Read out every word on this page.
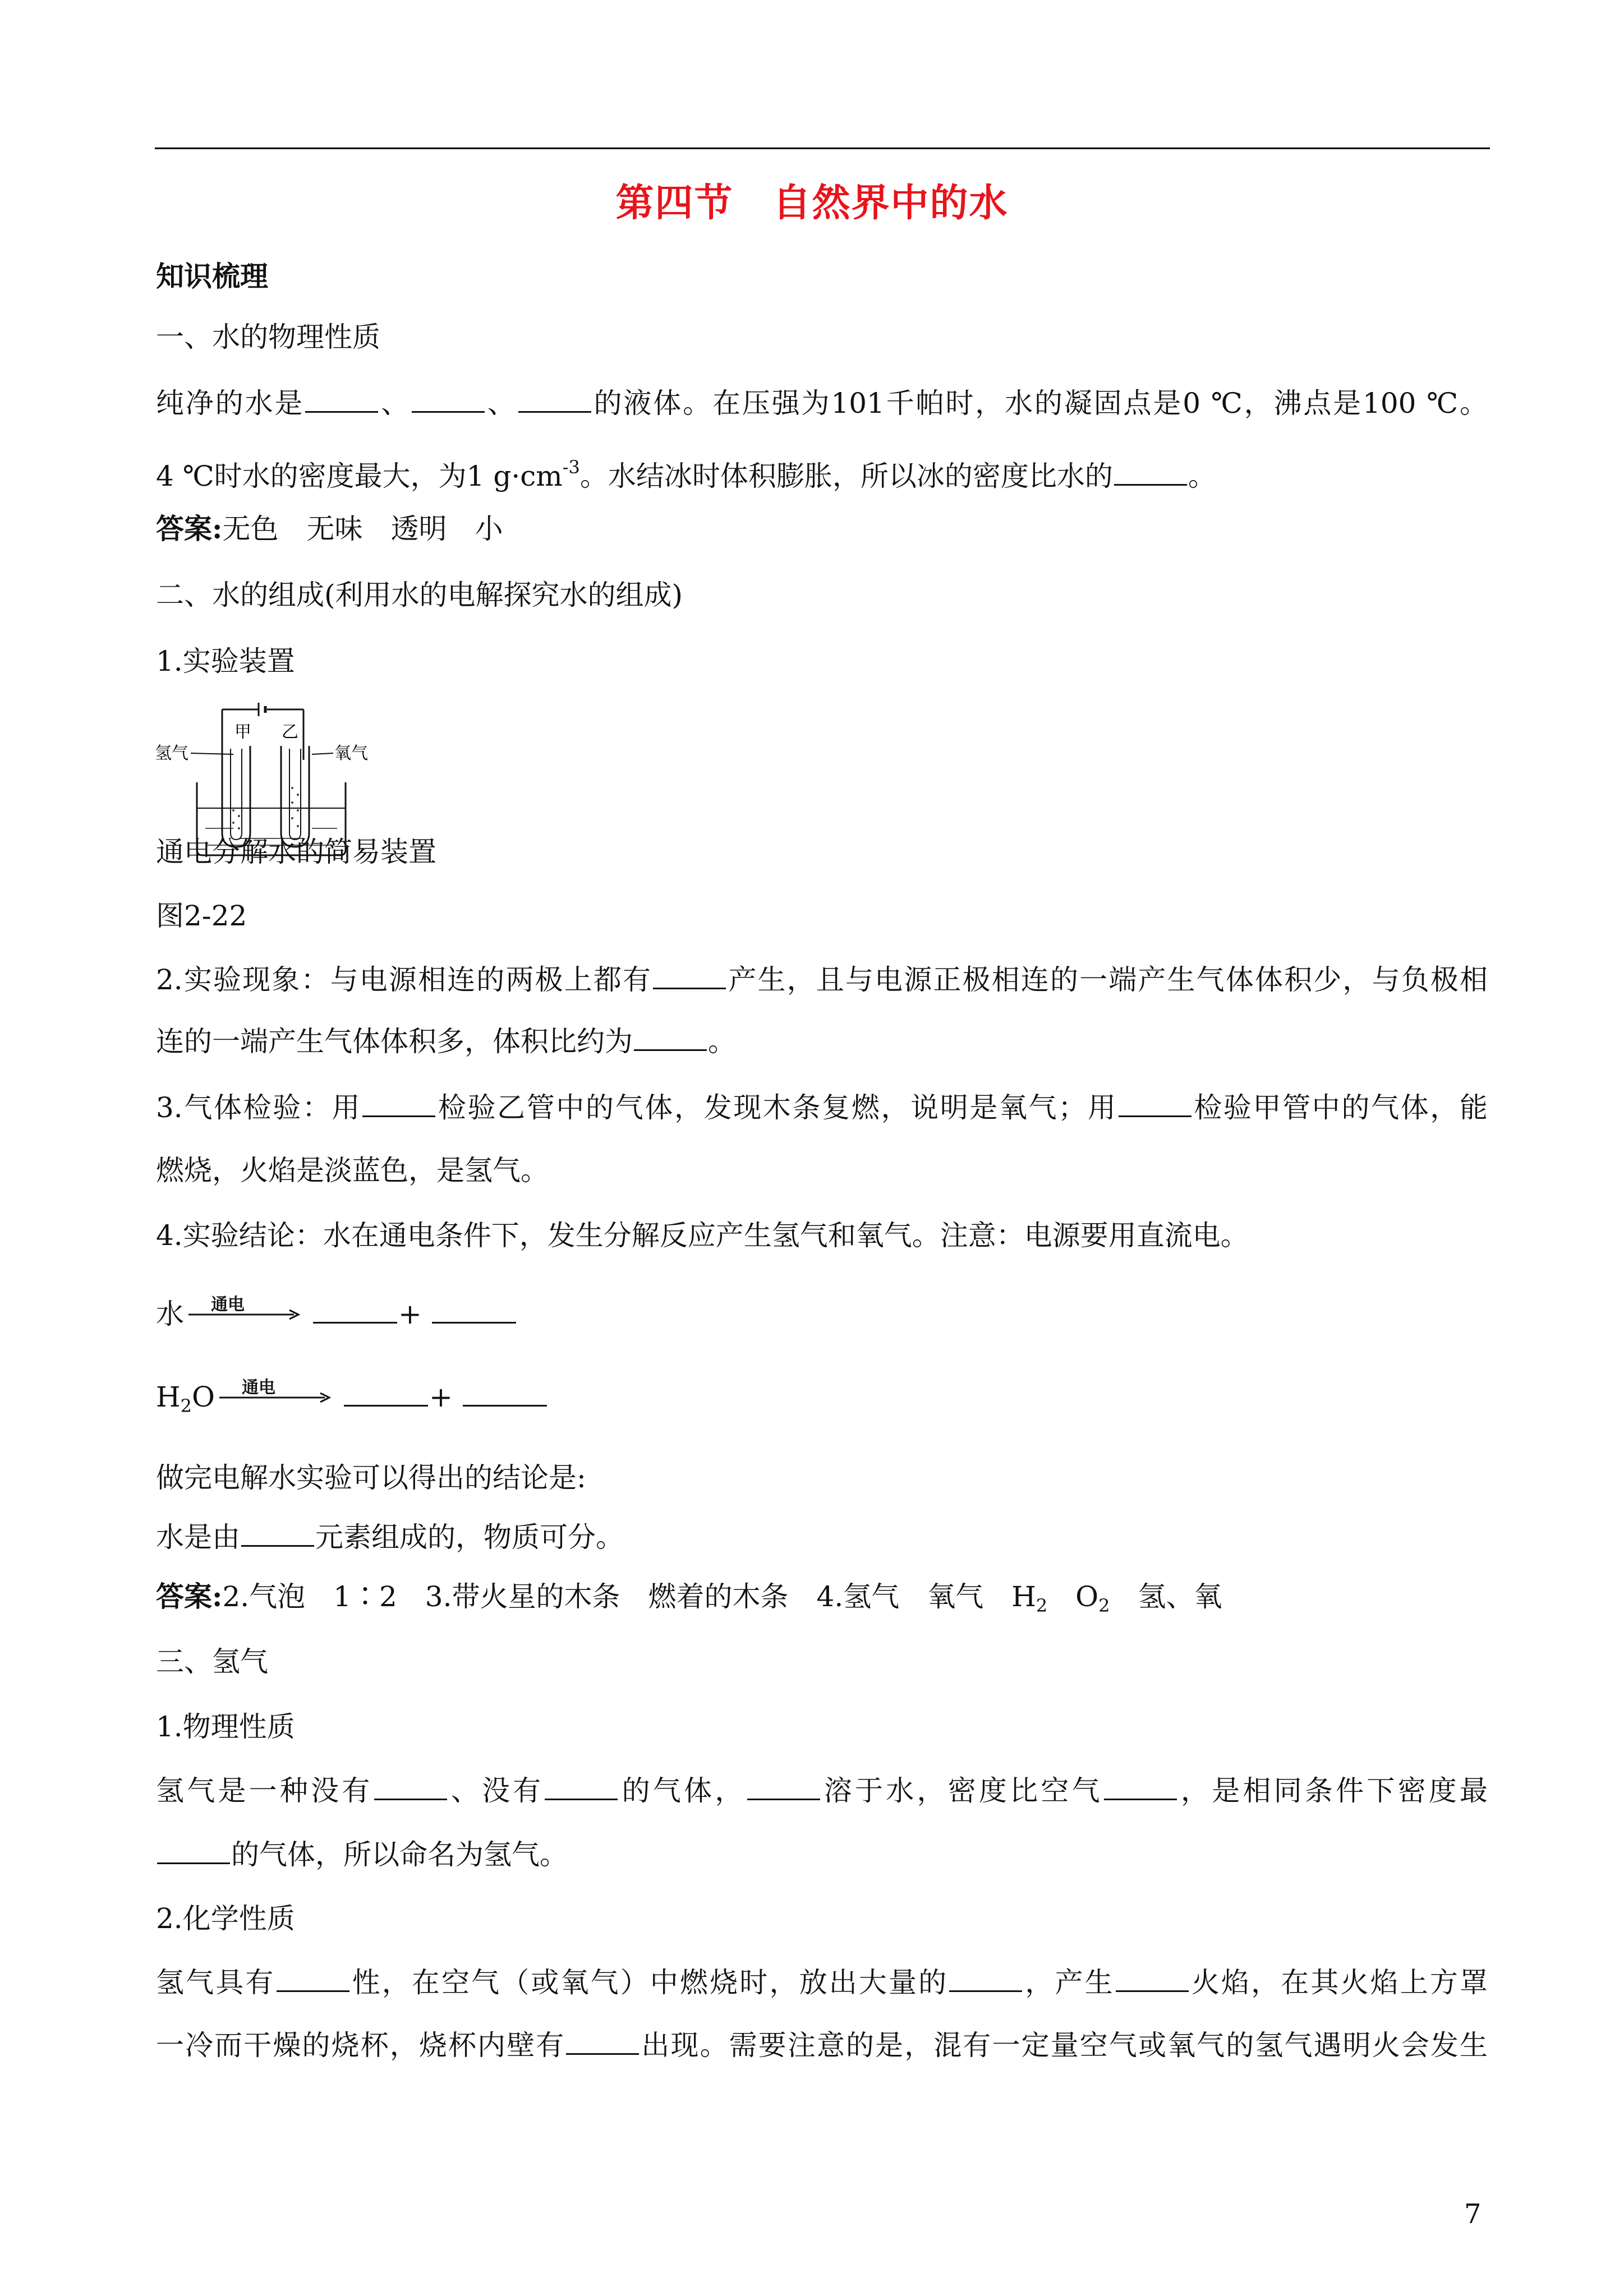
第四节 自然界中的水
知识梳理
一、水的物理性质
纯净的水是	、	、	的液体。在压强为101千帕时，水的凝固点是0 ℃，沸点是100 ℃。
4 ℃时水的密度最大，为1 $g\cdot cm^{-3}$。水结冰时体积膨胀，所以冰的密度比水的	。
答案:无色　无味　透明　小
二、水的组成(利用水的电解探究水的组成)
1.实验装置
甲 乙
氢气	氧气
通电分解水的简易装置
图2-22
2.实验现象：与电源相连的两极上都有	产生，且与电源正极相连的一端产生气体体积少，与负极相
连的一端产生气体体积多，体积比约为	。
3.气体检验：用	检验乙管中的气体，发现木条复燃，说明是氧气；用	检验甲管中的气体，能
燃烧，火焰是淡蓝色，是氢气。
4.实验结论：水在通电条件下，发生分解反应产生氢气和氧气。注意：电源要用直流电。
水 通电	+
$H_2O$ 通电	+
做完电解水实验可以得出的结论是:
水是由	元素组成的，物质可分。
答案:2.气泡　1∶2　3.带火星的木条　燃着的木条　4.氢气　氧气　$H_2$　$O_2$　氢、氧
三、氢气
1.物理性质
氢气是一种没有	、没有	的气体，	溶于水，密度比空气	，是相同条件下密度最
的气体，所以命名为氢气。
2.化学性质
氢气具有	性，在空气（或氧气）中燃烧时，放出大量的	，产生	火焰，在其火焰上方罩
一冷而干燥的烧杯，烧杯内壁有	出现。需要注意的是，混有一定量空气或氧气的氢气遇明火会发生
7
